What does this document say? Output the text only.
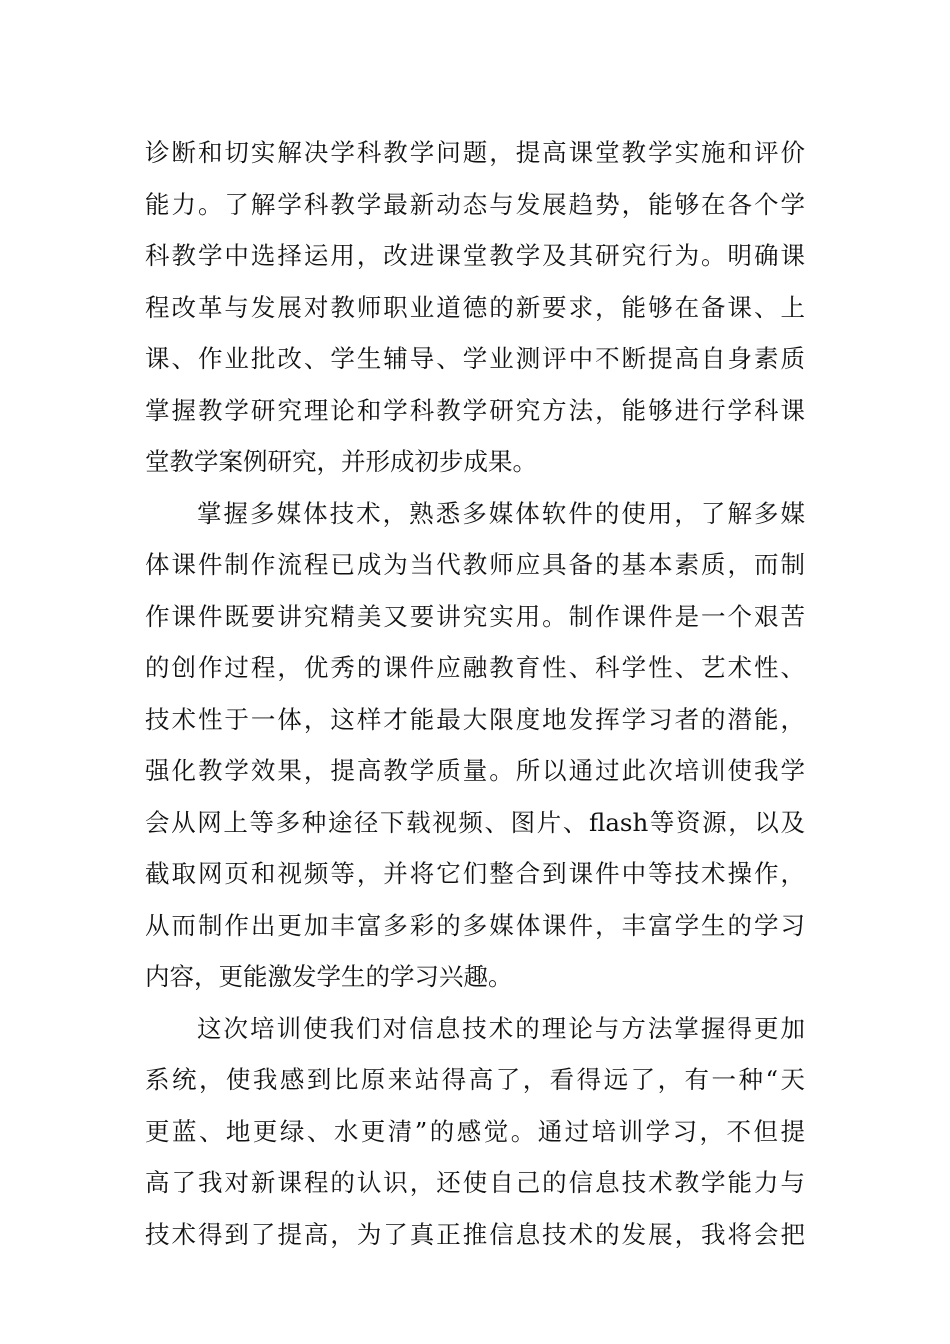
诊断和切实解决学科教学问题，提高课堂教学实施和评价
能力。了解学科教学最新动态与发展趋势，能够在各个学
科教学中选择运用，改进课堂教学及其研究行为。明确课
程改革与发展对教师职业道德的新要求，能够在备课、上
课、作业批改、学生辅导、学业测评中不断提高自身素质
掌握教学研究理论和学科教学研究方法，能够进行学科课
堂教学案例研究，并形成初步成果。
掌握多媒体技术，熟悉多媒体软件的使用，了解多媒
体课件制作流程已成为当代教师应具备的基本素质，而制
作课件既要讲究精美又要讲究实用。制作课件是一个艰苦
的创作过程，优秀的课件应融教育性、科学性、艺术性、
技术性于一体，这样才能最大限度地发挥学习者的潜能，
强化教学效果，提高教学质量。所以通过此次培训使我学
会从网上等多种途径下载视频、图片、flash等资源，以及
截取网页和视频等，并将它们整合到课件中等技术操作，
从而制作出更加丰富多彩的多媒体课件，丰富学生的学习
内容，更能激发学生的学习兴趣。
这次培训使我们对信息技术的理论与方法掌握得更加
系统，使我感到比原来站得高了，看得远了，有一种“天
更蓝、地更绿、水更清”的感觉。通过培训学习，不但提
高了我对新课程的认识，还使自己的信息技术教学能力与
技术得到了提高，为了真正推信息技术的发展，我将会把
